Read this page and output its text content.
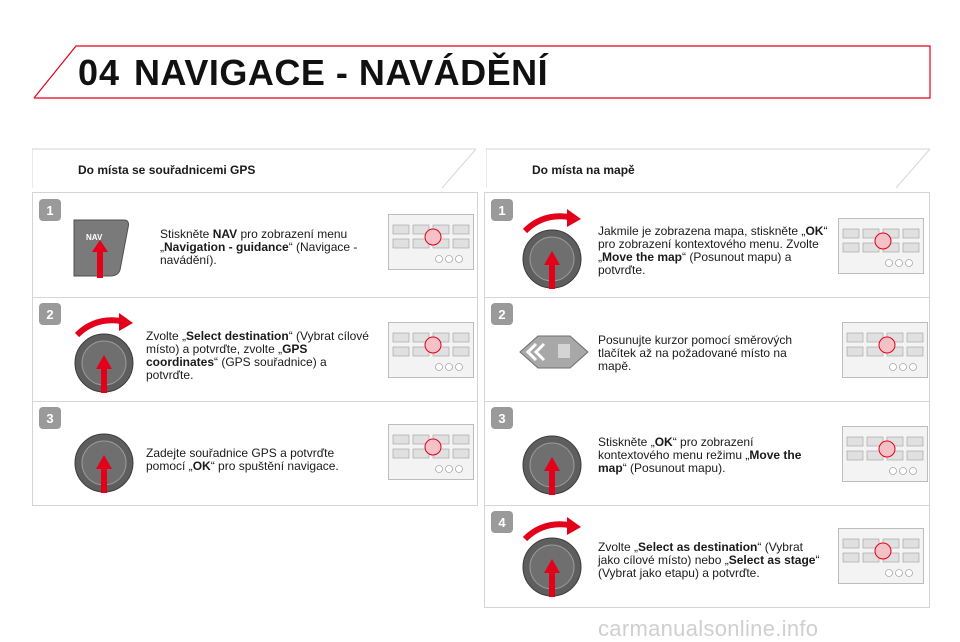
04 NAVIGACE - NAVÁDĚNÍ
Do místa se souřadnicemi GPS	Do místa na mapě
1
2
3
1
2
3
4
NAV	Stiskněte NAV pro zobrazení menu „Navigation - guidance“ (Navigace - navádění).
Zvolte „Select destination“ (Vybrat cílové místo) a potvrďte, zvolte „GPS coordinates“ (GPS souřadnice) a potvrďte.
Zadejte souřadnice GPS a potvrďte pomocí „OK“ pro spuštění navigace.
Jakmile je zobrazena mapa, stiskněte „OK“ pro zobrazení kontextového menu. Zvolte „Move the map“ (Posunout mapu) a potvrďte.
Posunujte kurzor pomocí směrových tlačítek až na požadované místo na mapě.
Stiskněte „OK“ pro zobrazení kontextového menu režimu „Move the map“ (Posunout mapu).
Zvolte „Select as destination“ (Vybrat jako cílové místo) nebo „Select as stage“ (Vybrat jako etapu) a potvrďte.
carmanualsonline.info
